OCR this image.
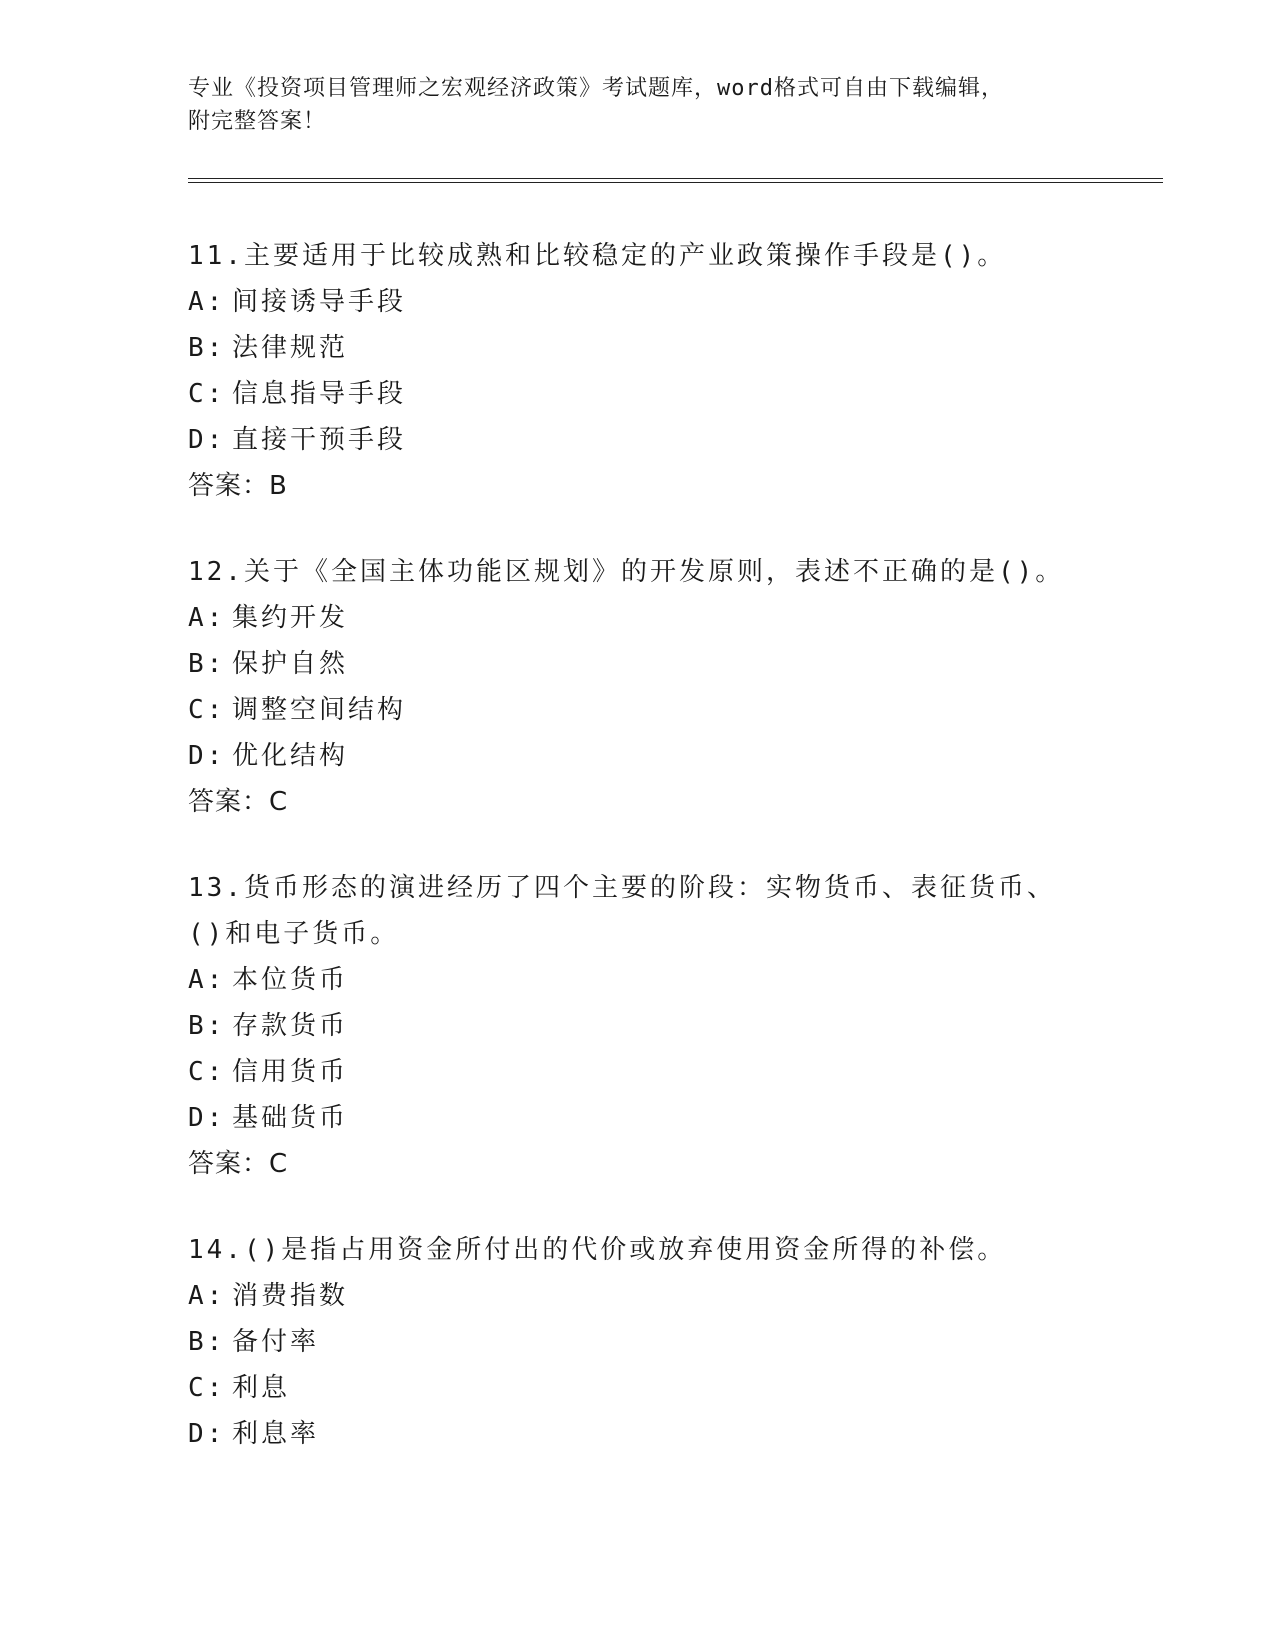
专业《投资项目管理师之宏观经济政策》考试题库，word格式可自由下载编辑，
附完整答案！
11.主要适用于比较成熟和比较稳定的产业政策操作手段是()。
A: 间接诱导手段
B: 法律规范
C: 信息指导手段
D: 直接干预手段
答案：B
12.关于《全国主体功能区规划》的开发原则，表述不正确的是()。
A: 集约开发
B: 保护自然
C: 调整空间结构
D: 优化结构
答案：C
13.货币形态的演进经历了四个主要的阶段：实物货币、表征货币、()和电子货币。
A: 本位货币
B: 存款货币
C: 信用货币
D: 基础货币
答案：C
14.()是指占用资金所付出的代价或放弃使用资金所得的补偿。
A: 消费指数
B: 备付率
C: 利息
D: 利息率
